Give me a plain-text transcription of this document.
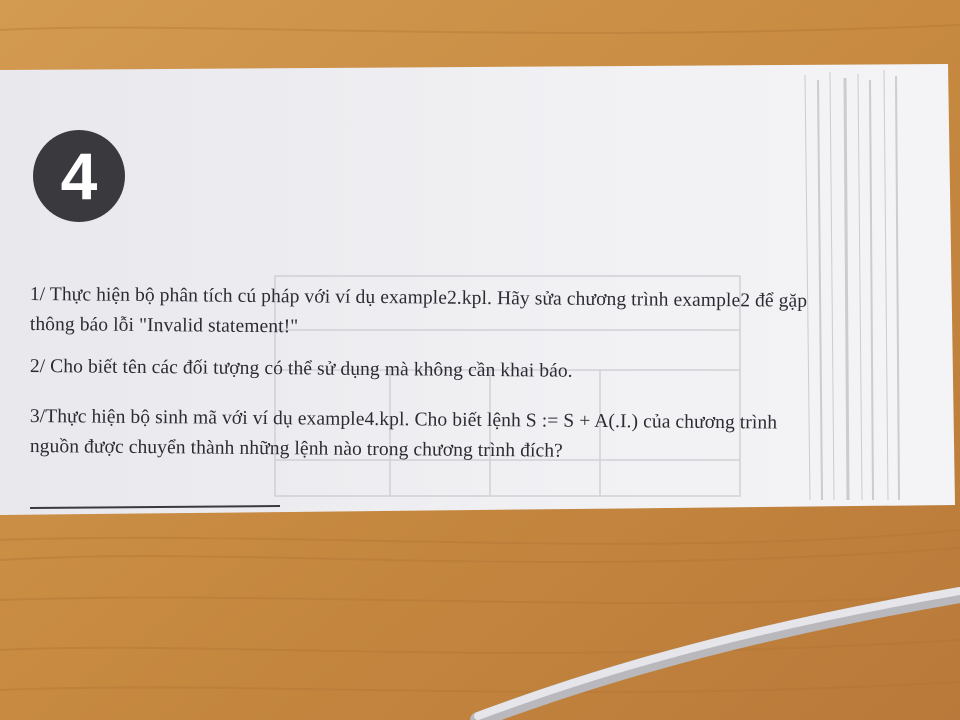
4
1/ Thực hiện bộ phân tích cú pháp với ví dụ example2.kpl. Hãy sửa chương trình example2 để gặp
thông báo lỗi "Invalid statement!"
2/ Cho biết tên các đối tượng có thể sử dụng mà không cần khai báo.
3/Thực hiện bộ sinh mã với ví dụ example4.kpl. Cho biết lệnh S := S + A(.I.) của chương trình
nguồn được chuyển thành những lệnh nào trong chương trình đích?
